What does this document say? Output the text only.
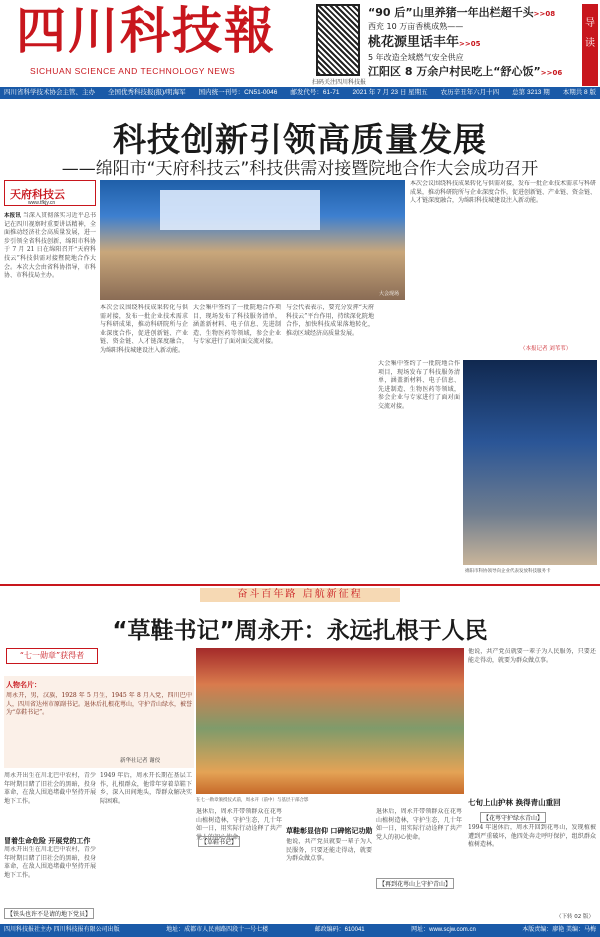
四川科技報
SICHUAN SCIENCE AND TECHNOLOGY NEWS
扫码关注四川科技报
“90 后”山里养猪一年出栏超千头>>08
西充 10 万亩香桃成熟——
桃花源里话丰年>>05
5 年改造全域燃气安全供应
江阳区 8 万余户村民吃上“舒心饭”>>06
导读
四川省科学技术协会主管、主办 全国优秀科技报(报)/明海军 国内统一刊号：CN51-0046 邮发代号：61-71 2021 年 7 月 23 日 星期五 农历辛丑年六月十四 总第 3213 期 本期共 8 版
科技创新引领高质量发展
——绵阳市“天府科技云”科技供需对接暨院地合作大会成功召开
天府科技云
www.tfkjy.cn
本报讯 当深入贯彻落实习近平总书记在四川视察时重要讲话精神，全面推动经济社会高质量发展，进一步引领全省科技创新，绵阳市科协于 7 月 21 日在绵阳召开“天府科技云”科技供需对接暨院地合作大会。本次大会由省科协指导，市科协、市科技局主办。
大会现场
本次会议围绕科技成果转化与供需对接，发布一批企业技术需求与科研成果，推动科研院所与企业深度合作，促进创新链、产业链、资金链、人才链深度融合，为绵阳科技城建设注入新动能。
大会集中签约了一批院地合作项目，现场发布了科技服务清单，涵盖新材料、电子信息、先进制造、生物医药等领域，参会企业与专家进行了面对面交流对接。
与会代表表示，要充分发挥“天府科技云”平台作用，持续深化院地合作，加快科技成果落地转化，推动区域经济高质量发展。
本次会议围绕科技成果转化与供需对接，发布一批企业技术需求与科研成果，推动科研院所与企业深度合作，促进创新链、产业链、资金链、人才链深度融合，为绵阳科技城建设注入新动能。
（本报记者 刘苇苇）
大会集中签约了一批院地合作项目，现场发布了科技服务清单，涵盖新材料、电子信息、先进制造、生物医药等领域，参会企业与专家进行了面对面交流对接。
绵阳市科协领导向企业代表发放科技服务卡
奋斗百年路 启航新征程
“草鞋书记”周永开：永远扎根于人民
“七一勋章”获得者
人物名片：
周永开，男，汉族，1928 年 5 月生，1945 年 8 月入党，四川巴中人，四川省达州市原副书记。退休后扎根花萼山，守护青山绿水，被誉为“草鞋书记”。
新华社记者 谢佼
周永开出生在川北巴中农村，青少年时期目睹了旧社会的黑暗，投身革命，在敌人围追堵截中坚持开展地下工作。
冒着生命危险 开展党的工作
【铁头也许不是请的地下党员】
周永开出生在川北巴中农村，青少年时期目睹了旧社会的黑暗，投身革命，在敌人围追堵截中坚持开展地下工作。
1949 年后，周永开长期在基层工作，扎根群众，他常年穿着草鞋下乡，深入田间地头，帮群众解决实际困难。	在七一勋章颁授仪式前，周永开（前中）与基层干部合影
退休后，周永开带领群众在花萼山植树造林，守护生态，几十年如一日，用实际行动诠释了共产党人的初心使命。
【草鞋书记】
草鞋彰显信仰 口碑铭记功勋
他说，共产党员就要一辈子为人民服务，只要还能走得动，就要为群众做点事。
【再到花萼山上守护青山】
退休后，周永开带领群众在花萼山植树造林，守护生态，几十年如一日，用实际行动诠释了共产党人的初心使命。
他说，共产党员就要一辈子为人民服务，只要还能走得动，就要为群众做点事。
七旬上山护林 换得青山重回
【花萼守护绿水青山】
1994 年退休后，周永开回到花萼山，发现植被遭到严重破坏，他四处奔走呼吁保护，组织群众植树造林。
（下转 02 版）
四川科技报社主办 四川科技报有限公司出版	地址：成都市人民南路四段十一号七楼	邮政编码：610041	网址：www.scjw.com.cn	本版责编：廖艳 美编：马梅
